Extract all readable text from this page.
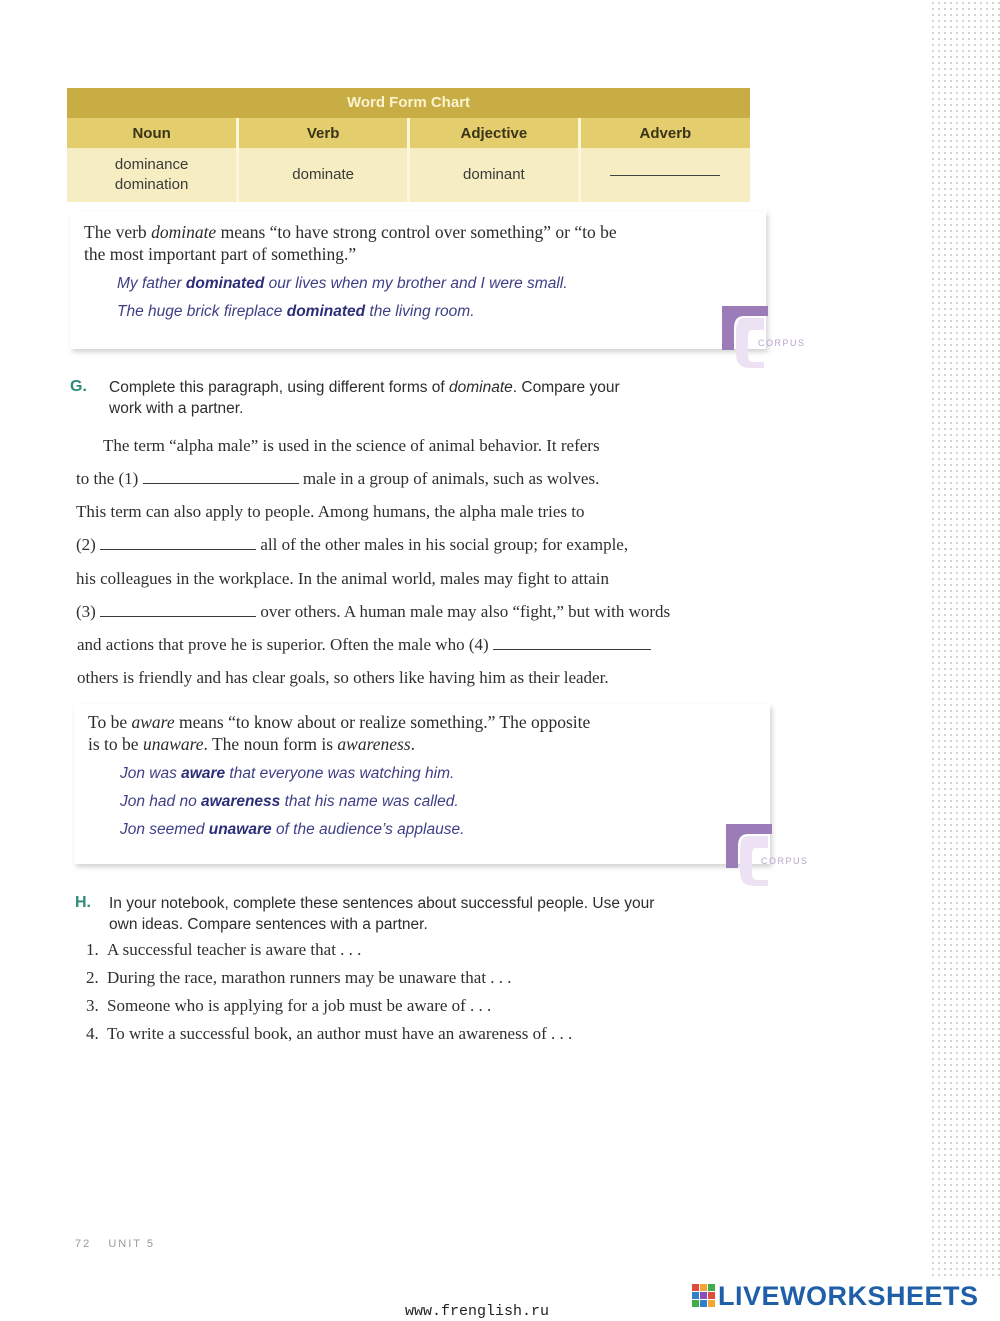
Word Form Chart
Noun	Verb	Adjective	Adverb

dominance
domination	dominate	dominant	
The verb dominate means “to have strong control over something” or “to be
the most important part of something.”
My father dominated our lives when my brother and I were small.
The huge brick fireplace dominated the living room.
CORPUS
G.	Complete this paragraph, using different forms of dominate. Compare your
work with a partner.
The term “alpha male” is used in the science of animal behavior. It refers
to the (1)	male in a group of animals, such as wolves.
This term can also apply to people. Among humans, the alpha male tries to
(2)	all of the other males in his social group; for example,
his colleagues in the workplace. In the animal world, males may fight to attain
(3)	over others. A human male may also “fight,” but with words
and actions that prove he is superior. Often the male who (4)
others is friendly and has clear goals, so others like having him as their leader.
To be aware means “to know about or realize something.” The opposite
is to be unaware. The noun form is awareness.
Jon was aware that everyone was watching him.
Jon had no awareness that his name was called.
Jon seemed unaware of the audience’s applause.
CORPUS
H.	In your notebook, complete these sentences about successful people. Use your
own ideas. Compare sentences with a partner.
1. A successful teacher is aware that . . .
2. During the race, marathon runners may be unaware that . . .
3. Someone who is applying for a job must be aware of . . .
4. To write a successful book, an author must have an awareness of . . .
72 UNIT 5
www.frenglish.ru
LIVEWORKSHEETS
